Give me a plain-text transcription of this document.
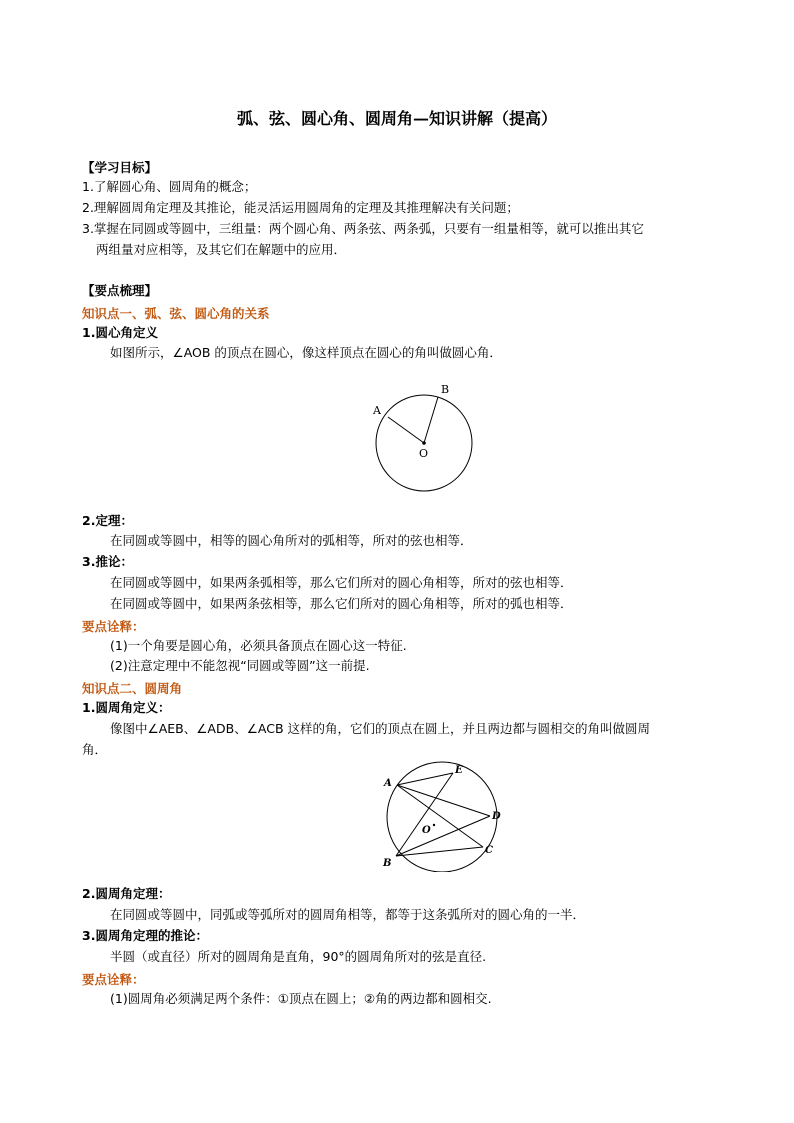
弧、弦、圆心角、圆周角—知识讲解（提高）
【学习目标】
1.了解圆心角、圆周角的概念；
2.理解圆周角定理及其推论，能灵活运用圆周角的定理及其推理解决有关问题；
3.掌握在同圆或等圆中，三组量：两个圆心角、两条弦、两条弧，只要有一组量相等，就可以推出其它
两组量对应相等，及其它们在解题中的应用．
【要点梳理】
知识点一、弧、弦、圆心角的关系
1.圆心角定义
如图所示，∠AOB 的顶点在圆心，像这样顶点在圆心的角叫做圆心角．
A
B
O
2.定理：
在同圆或等圆中，相等的圆心角所对的弧相等，所对的弦也相等．
3.推论：
在同圆或等圆中，如果两条弧相等，那么它们所对的圆心角相等，所对的弦也相等．
在同圆或等圆中，如果两条弦相等，那么它们所对的圆心角相等，所对的弧也相等．
要点诠释：
(1)一个角要是圆心角，必须具备顶点在圆心这一特征.
(2)注意定理中不能忽视“同圆或等圆”这一前提.
知识点二、圆周角
1.圆周角定义：
像图中∠AEB、∠ADB、∠ACB 这样的角，它们的顶点在圆上，并且两边都与圆相交的角叫做圆周
角．
A
E
D
O
C
B
2.圆周角定理：
在同圆或等圆中，同弧或等弧所对的圆周角相等，都等于这条弧所对的圆心角的一半．
3.圆周角定理的推论：
半圆（或直径）所对的圆周角是直角，90°的圆周角所对的弦是直径.
要点诠释：
(1)圆周角必须满足两个条件：①顶点在圆上；②角的两边都和圆相交.
